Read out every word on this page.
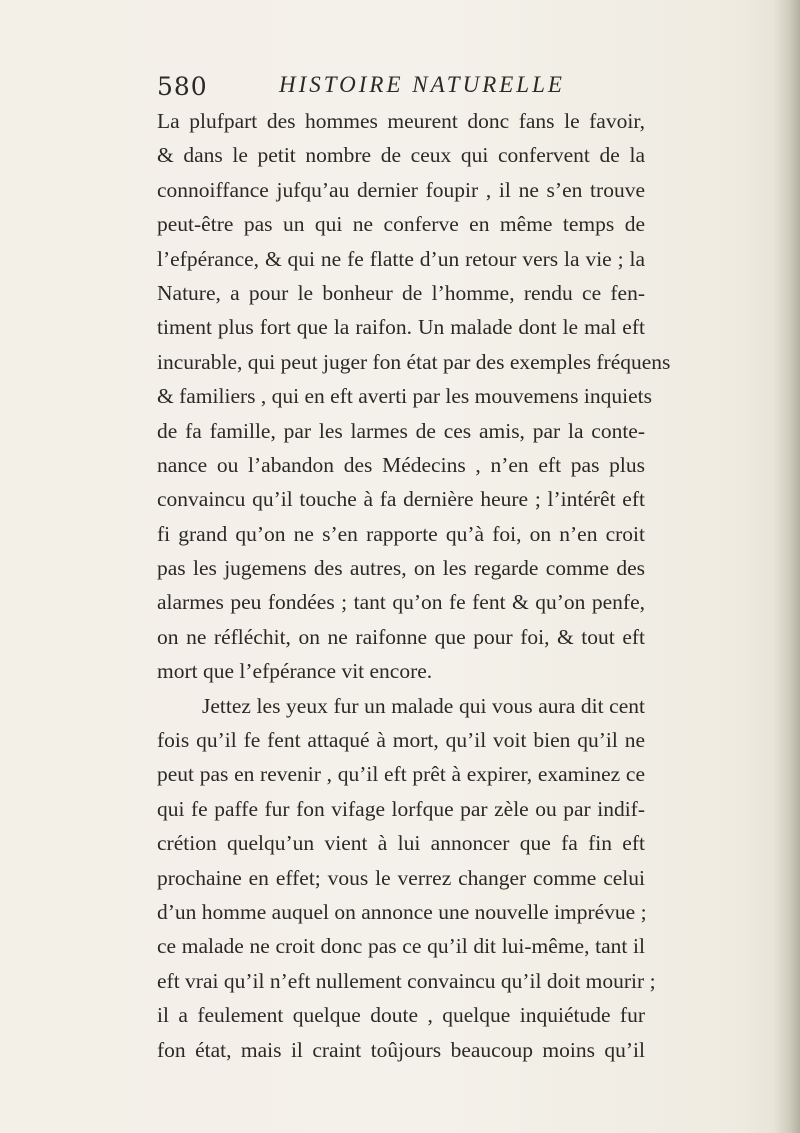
580	HISTOIRE NATURELLE
La plufpart des hommes meurent donc fans le favoir,
& dans le petit nombre de ceux qui confervent de la
connoiffance jufqu’au dernier foupir , il ne s’en trouve
peut-être pas un qui ne conferve en même temps de
l’efpérance, & qui ne fe flatte d’un retour vers la vie ; la
Nature, a pour le bonheur de l’homme, rendu ce fen-
timent plus fort que la raifon. Un malade dont le mal eft
incurable, qui peut juger fon état par des exemples fréquens
& familiers , qui en eft averti par les mouvemens inquiets
de fa famille, par les larmes de ces amis, par la conte-
nance ou l’abandon des Médecins , n’en eft pas plus
convaincu qu’il touche à fa dernière heure ; l’intérêt eft
fi grand qu’on ne s’en rapporte qu’à foi, on n’en croit
pas les jugemens des autres, on les regarde comme des
alarmes peu fondées ; tant qu’on fe fent & qu’on penfe,
on ne réfléchit, on ne raifonne que pour foi, & tout eft
mort que l’efpérance vit encore.
Jettez les yeux fur un malade qui vous aura dit cent
fois qu’il fe fent attaqué à mort, qu’il voit bien qu’il ne
peut pas en revenir , qu’il eft prêt à expirer, examinez ce
qui fe paffe fur fon vifage lorfque par zèle ou par indif-
crétion quelqu’un vient à lui annoncer que fa fin eft
prochaine en effet; vous le verrez changer comme celui
d’un homme auquel on annonce une nouvelle imprévue ;
ce malade ne croit donc pas ce qu’il dit lui-même, tant il
eft vrai qu’il n’eft nullement convaincu qu’il doit mourir ;
il a feulement quelque doute , quelque inquiétude fur
fon état, mais il craint toûjours beaucoup moins qu’il
